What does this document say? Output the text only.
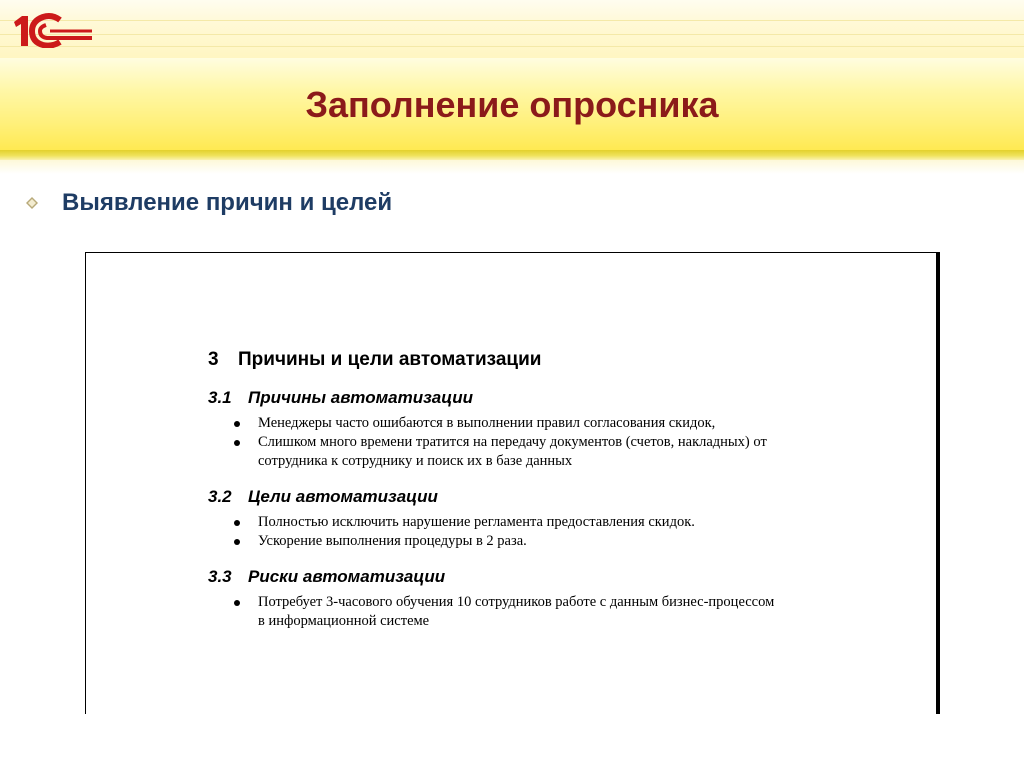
Заполнение опросника

Выявление причин и целей

3	Причины и цели автоматизации
3.1 Причины автоматизации
Менеджеры часто ошибаются в выполнении правил согласования скидок,
Слишком много времени тратится на передачу документов (счетов, накладных) от
сотрудника к сотруднику и поиск их в базе данных
3.2 Цели автоматизации
Полностью исключить нарушение регламента предоставления скидок.
Ускорение выполнения процедуры в 2 раза.
3.3 Риски автоматизации
Потребует 3-часового обучения 10 сотрудников работе с данным бизнес-процессом
в информационной системе
